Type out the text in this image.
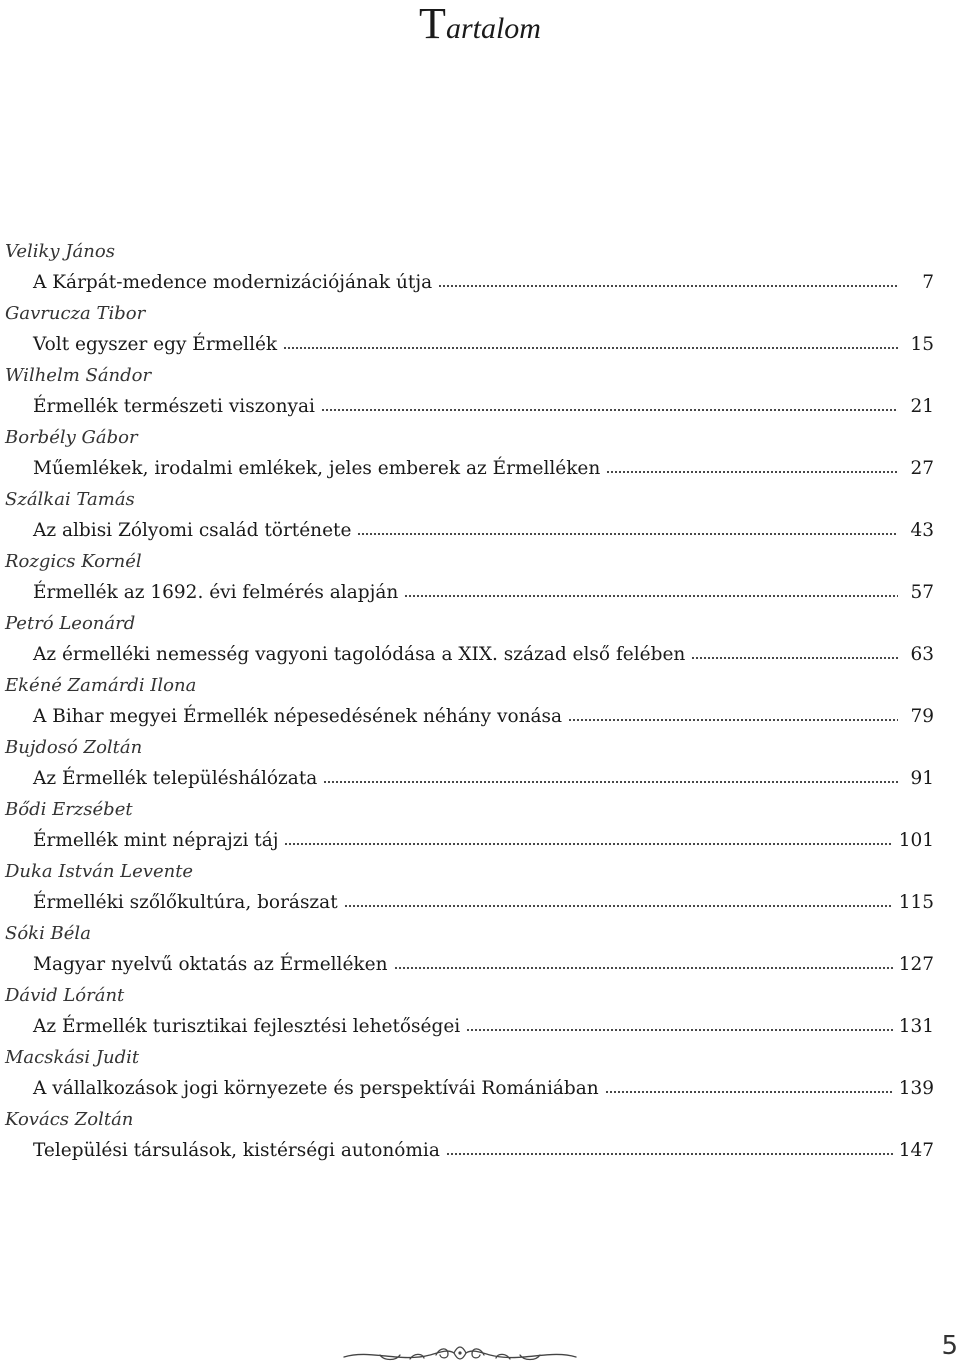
Tartalom
Veliky János
A Kárpát-medence modernizációjának útja	7
Gavrucza Tibor
Volt egyszer egy Érmellék	15
Wilhelm Sándor
Érmellék természeti viszonyai	21
Borbély Gábor
Műemlékek, irodalmi emlékek, jeles emberek az Érmelléken	27
Szálkai Tamás
Az albisi Zólyomi család története	43
Rozgics Kornél
Érmellék az 1692. évi felmérés alapján	57
Petró Leonárd
Az érmelléki nemesség vagyoni tagolódása a XIX. század első felében	63
Ekéné Zamárdi Ilona
A Bihar megyei Érmellék népesedésének néhány vonása	79
Bujdosó Zoltán
Az Érmellék településhálózata	91
Bődi Erzsébet
Érmellék mint néprajzi táj	101
Duka István Levente
Érmelléki szőlőkultúra, borászat	115
Sóki Béla
Magyar nyelvű oktatás az Érmelléken	127
Dávid Lóránt
Az Érmellék turisztikai fejlesztési lehetőségei	131
Macskási Judit
A vállalkozások jogi környezete és perspektívái Romániában	139
Kovács Zoltán
Települési társulások, kistérségi autonómia	147
5
